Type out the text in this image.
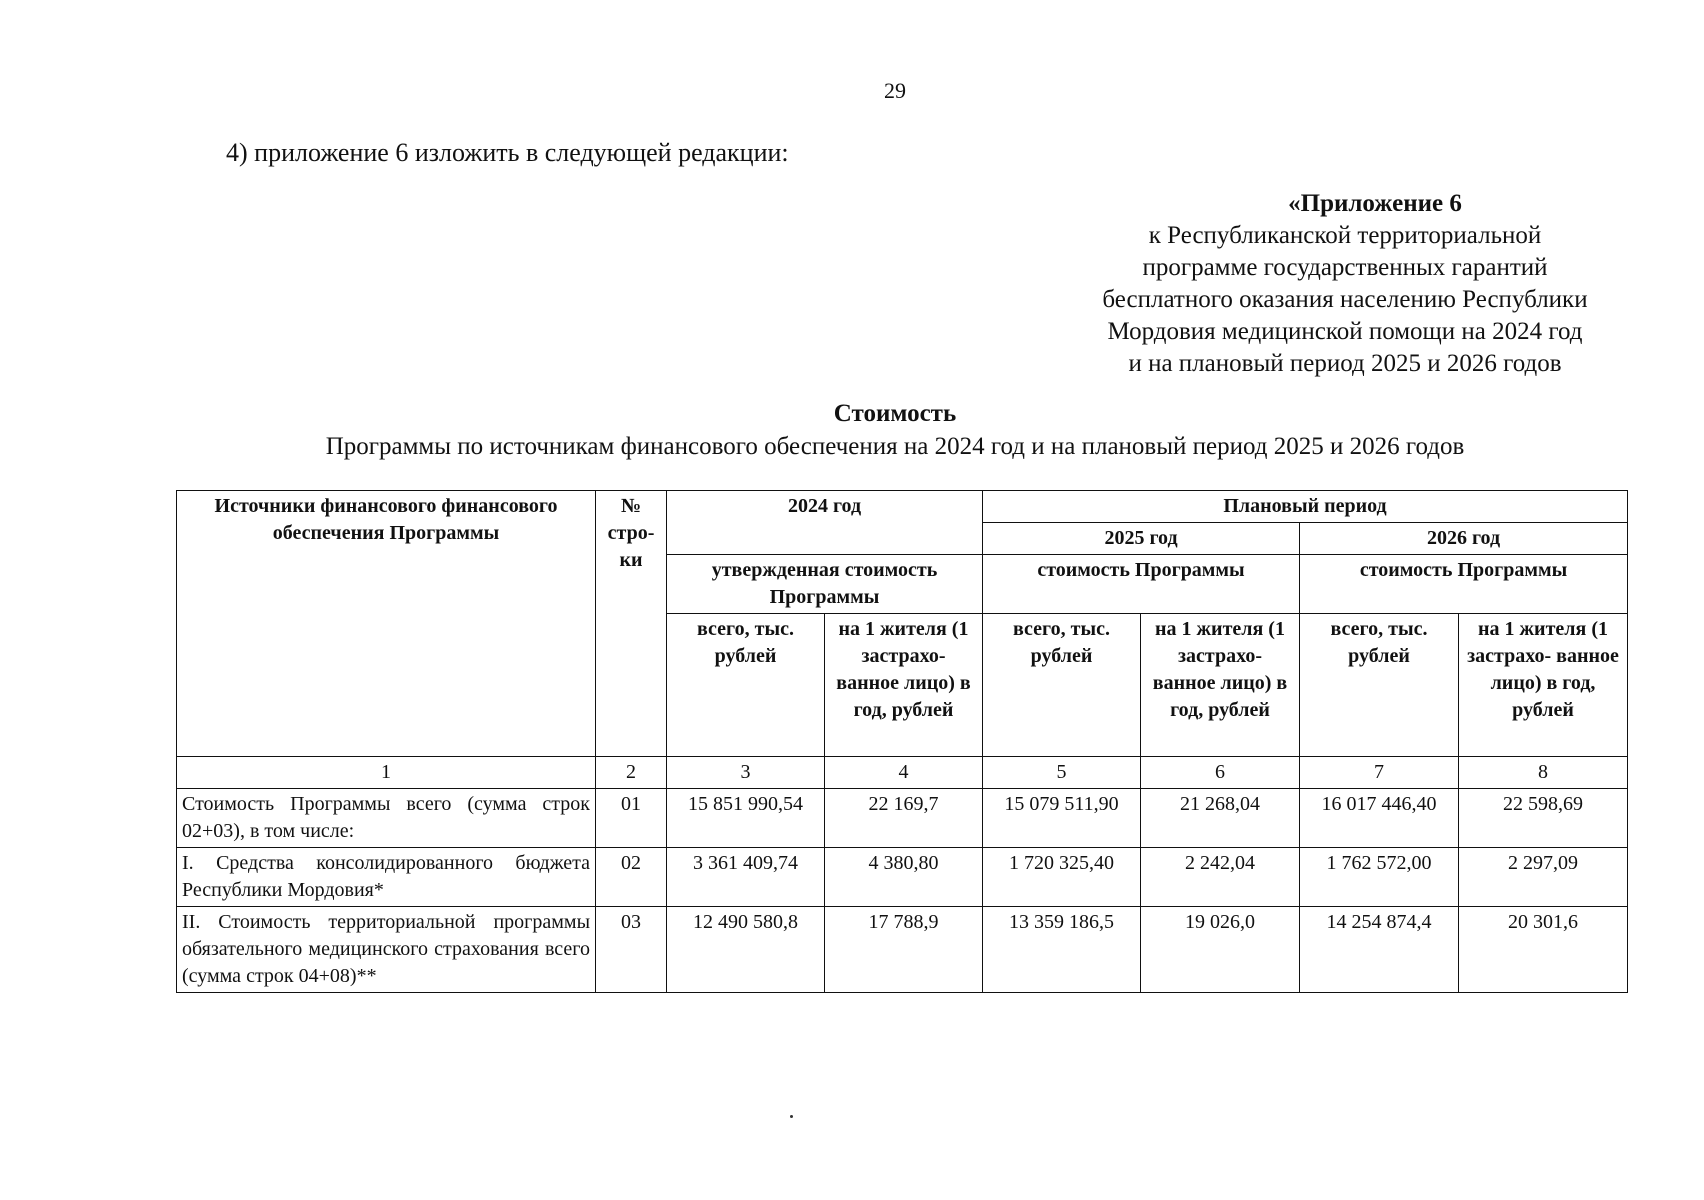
29
4) приложение 6 изложить в следующей редакции:
«Приложение 6
к Республиканской территориальной
программе государственных гарантий
бесплатного оказания населению Республики
Мордовия медицинской помощи на 2024 год
и на плановый период 2025 и 2026 годов
Стоимость
Программы по источникам финансового обеспечения на 2024 год и на плановый период 2025 и 2026 годов
Источники финансового финансового обеспечения Программы	№ стро- ки	2024 год		Плановый период			
				2025 год		2026 год	
		утвержденная стоимость Программы		стоимость Программы		стоимость Программы	
		всего, тыс. рублей	на 1 жителя (1 застрахо- ванное лицо) в год, рублей	всего, тыс. рублей	на 1 жителя (1 застрахо- ванное лицо) в год, рублей	всего, тыс. рублей	на 1 жителя (1 застрахо- ванное лицо) в год, рублей
1	2	3	4	5	6	7	8
Стоимость Программы всего (сумма строк 02+03), в том числе:	01	15 851 990,54	22 169,7	15 079 511,90	21 268,04	16 017 446,40	22 598,69
I. Средства консолидированного бюджета Республики Мордовия*	02	3 361 409,74	4 380,80	1 720 325,40	2 242,04	1 762 572,00	2 297,09
II. Стоимость территориальной программы обязательного медицинского страхования всего (сумма строк 04+08)**	03	12 490 580,8	17 788,9	13 359 186,5	19 026,0	14 254 874,4	20 301,6
